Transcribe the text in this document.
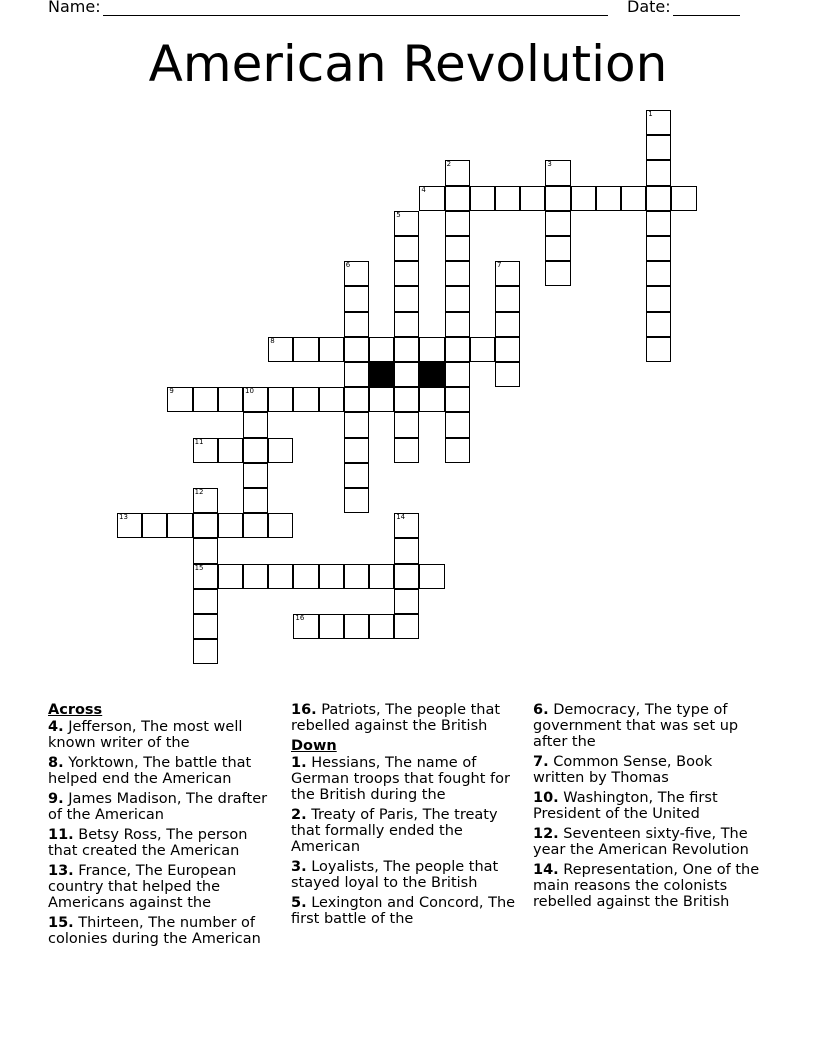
Name:	Date:
American Revolution
1
2	3
4
5
6	7
8
9	10
11
12
15
13	14
16
Across
4. Jefferson, The most well known writer of the
8. Yorktown, The battle that helped end the American
9. James Madison, The drafter of the American
11. Betsy Ross, The person that created the American
13. France, The European country that helped the Americans against the
15. Thirteen, The number of colonies during the American
16. Patriots, The people that rebelled against the British
Down
1. Hessians, The name of German troops that fought for the British during the
2. Treaty of Paris, The treaty that formally ended the American
3. Loyalists, The people that stayed loyal to the British
5. Lexington and Concord, The first battle of the
6. Democracy, The type of government that was set up after the
7. Common Sense, Book written by Thomas
10. Washington, The first President of the United
12. Seventeen sixty-five, The year the American Revolution
14. Representation, One of the main reasons the colonists rebelled against the British
